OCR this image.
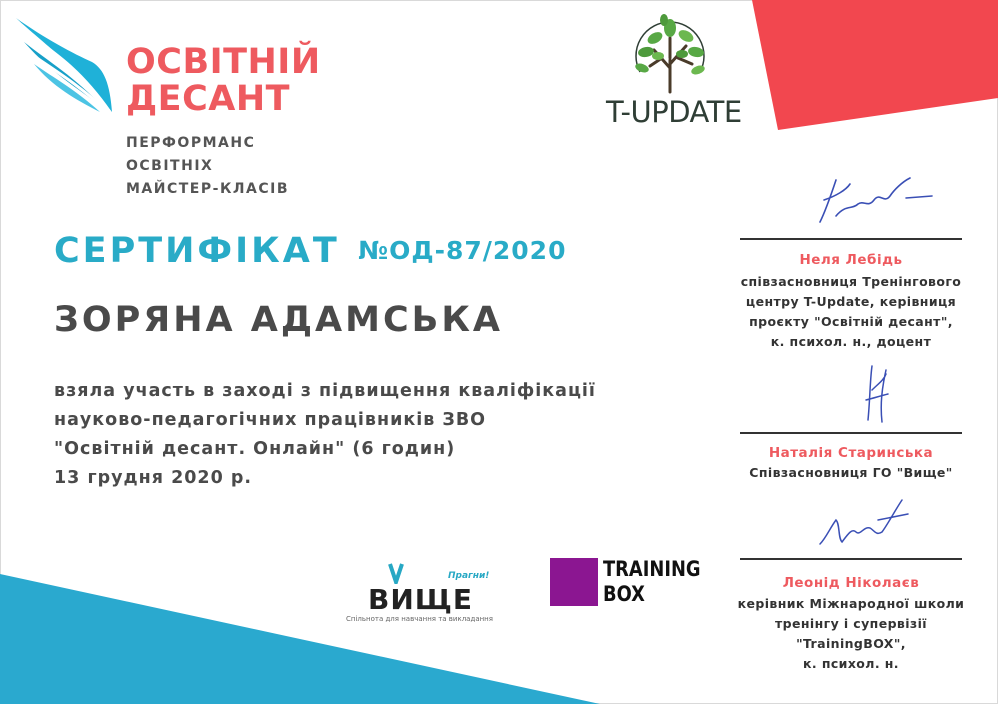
ОСВІТНІЙ
ДЕСАНТ
ПЕРФОРМАНС
ОСВІТНІХ
МАЙСТЕР-КЛАСІВ
T-UPDATE
СЕРТИФІКАТ №ОД-87/2020
ЗОРЯНА АДАМСЬКА
взяла участь в заході з підвищення кваліфікації
науково-педагогічних працівників ЗВО
"Освітній десант. Онлайн" (6 годин)
13 грудня 2020 р.
Прагни!
ВИЩЕ
Спільнота для навчання та викладання
TRAINING
BOX
Неля Лебідь
співзасновниця Тренінгового
центру T-Update, керівниця
проєкту "Освітній десант",
к. психол. н., доцент
Наталія Старинська
Співзасновниця ГО "Вище"
Леонід Ніколаєв
керівник Міжнародної школи
тренінгу і супервізії
"TrainingBOX",
к. психол. н.
